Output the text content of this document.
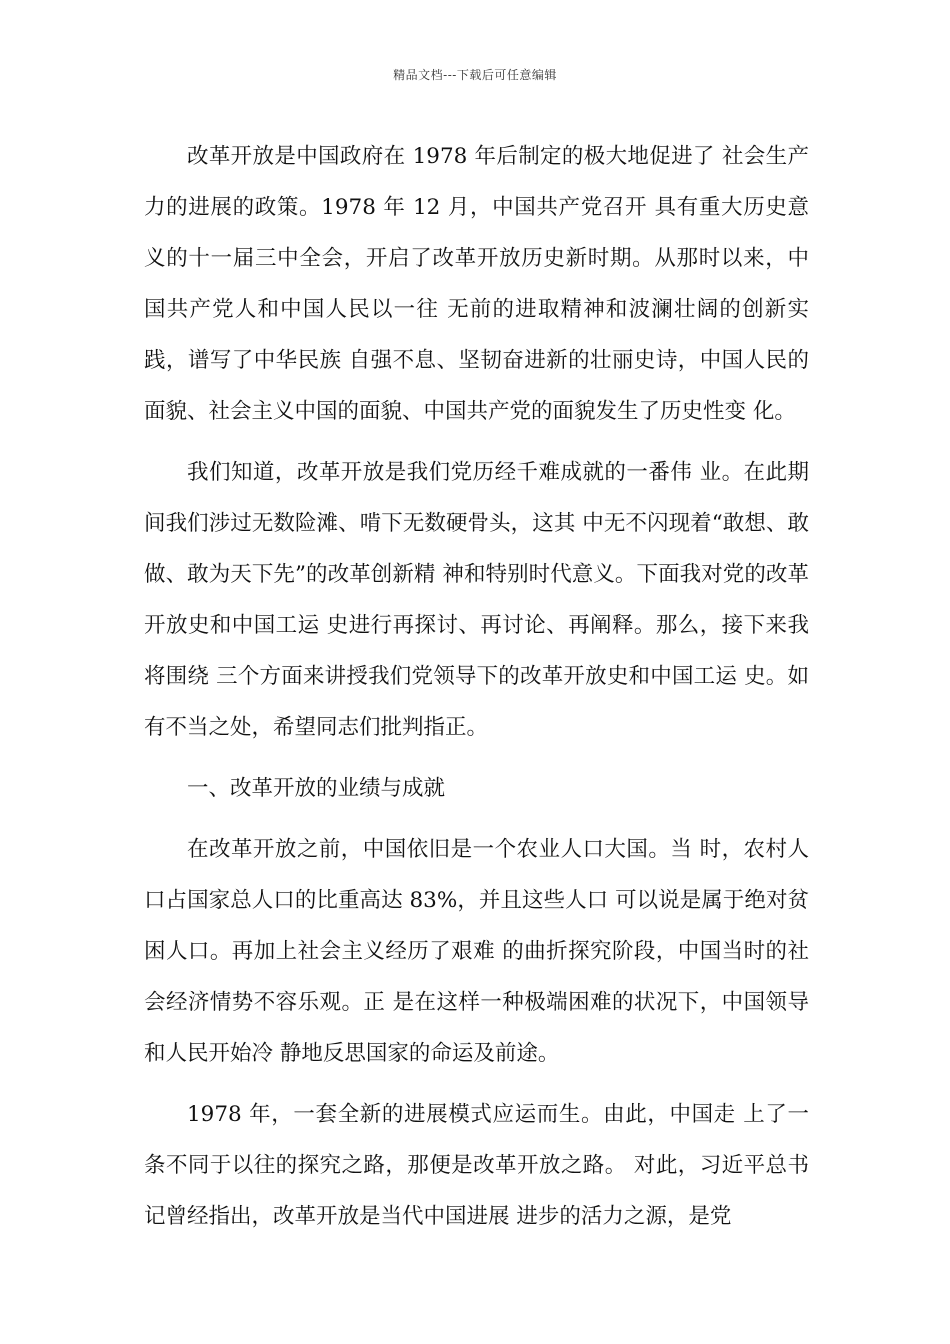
精品文档---下载后可任意编辑

改革开放是中国政府在 1978 年后制定的极大地促进了 社会生产力的进展的政策。1978 年 12 月，中国共产党召开 具有重大历史意义的十一届三中全会，开启了改革开放历史新时期。从那时以来，中国共产党人和中国人民以一往 无前的进取精神和波澜壮阔的创新实践，谱写了中华民族 自强不息、坚韧奋进新的壮丽史诗，中国人民的面貌、社会主义中国的面貌、中国共产党的面貌发生了历史性变 化。

我们知道，改革开放是我们党历经千难成就的一番伟 业。在此期间我们涉过无数险滩、啃下无数硬骨头，这其 中无不闪现着“敢想、敢做、敢为天下先”的改革创新精 神和特别时代意义。下面我对党的改革开放史和中国工运 史进行再探讨、再讨论、再阐释。那么，接下来我将围绕 三个方面来讲授我们党领导下的改革开放史和中国工运 史。如有不当之处，希望同志们批判指正。

一、改革开放的业绩与成就

在改革开放之前，中国依旧是一个农业人口大国。当 时，农村人口占国家总人口的比重高达 83%，并且这些人口 可以说是属于绝对贫困人口。再加上社会主义经历了艰难 的曲折探究阶段，中国当时的社会经济情势不容乐观。正 是在这样一种极端困难的状况下，中国领导和人民开始冷 静地反思国家的命运及前途。

1978 年，一套全新的进展模式应运而生。由此，中国走 上了一条不同于以往的探究之路，那便是改革开放之路。 对此，习近平总书记曾经指出，改革开放是当代中国进展 进步的活力之源，是党
